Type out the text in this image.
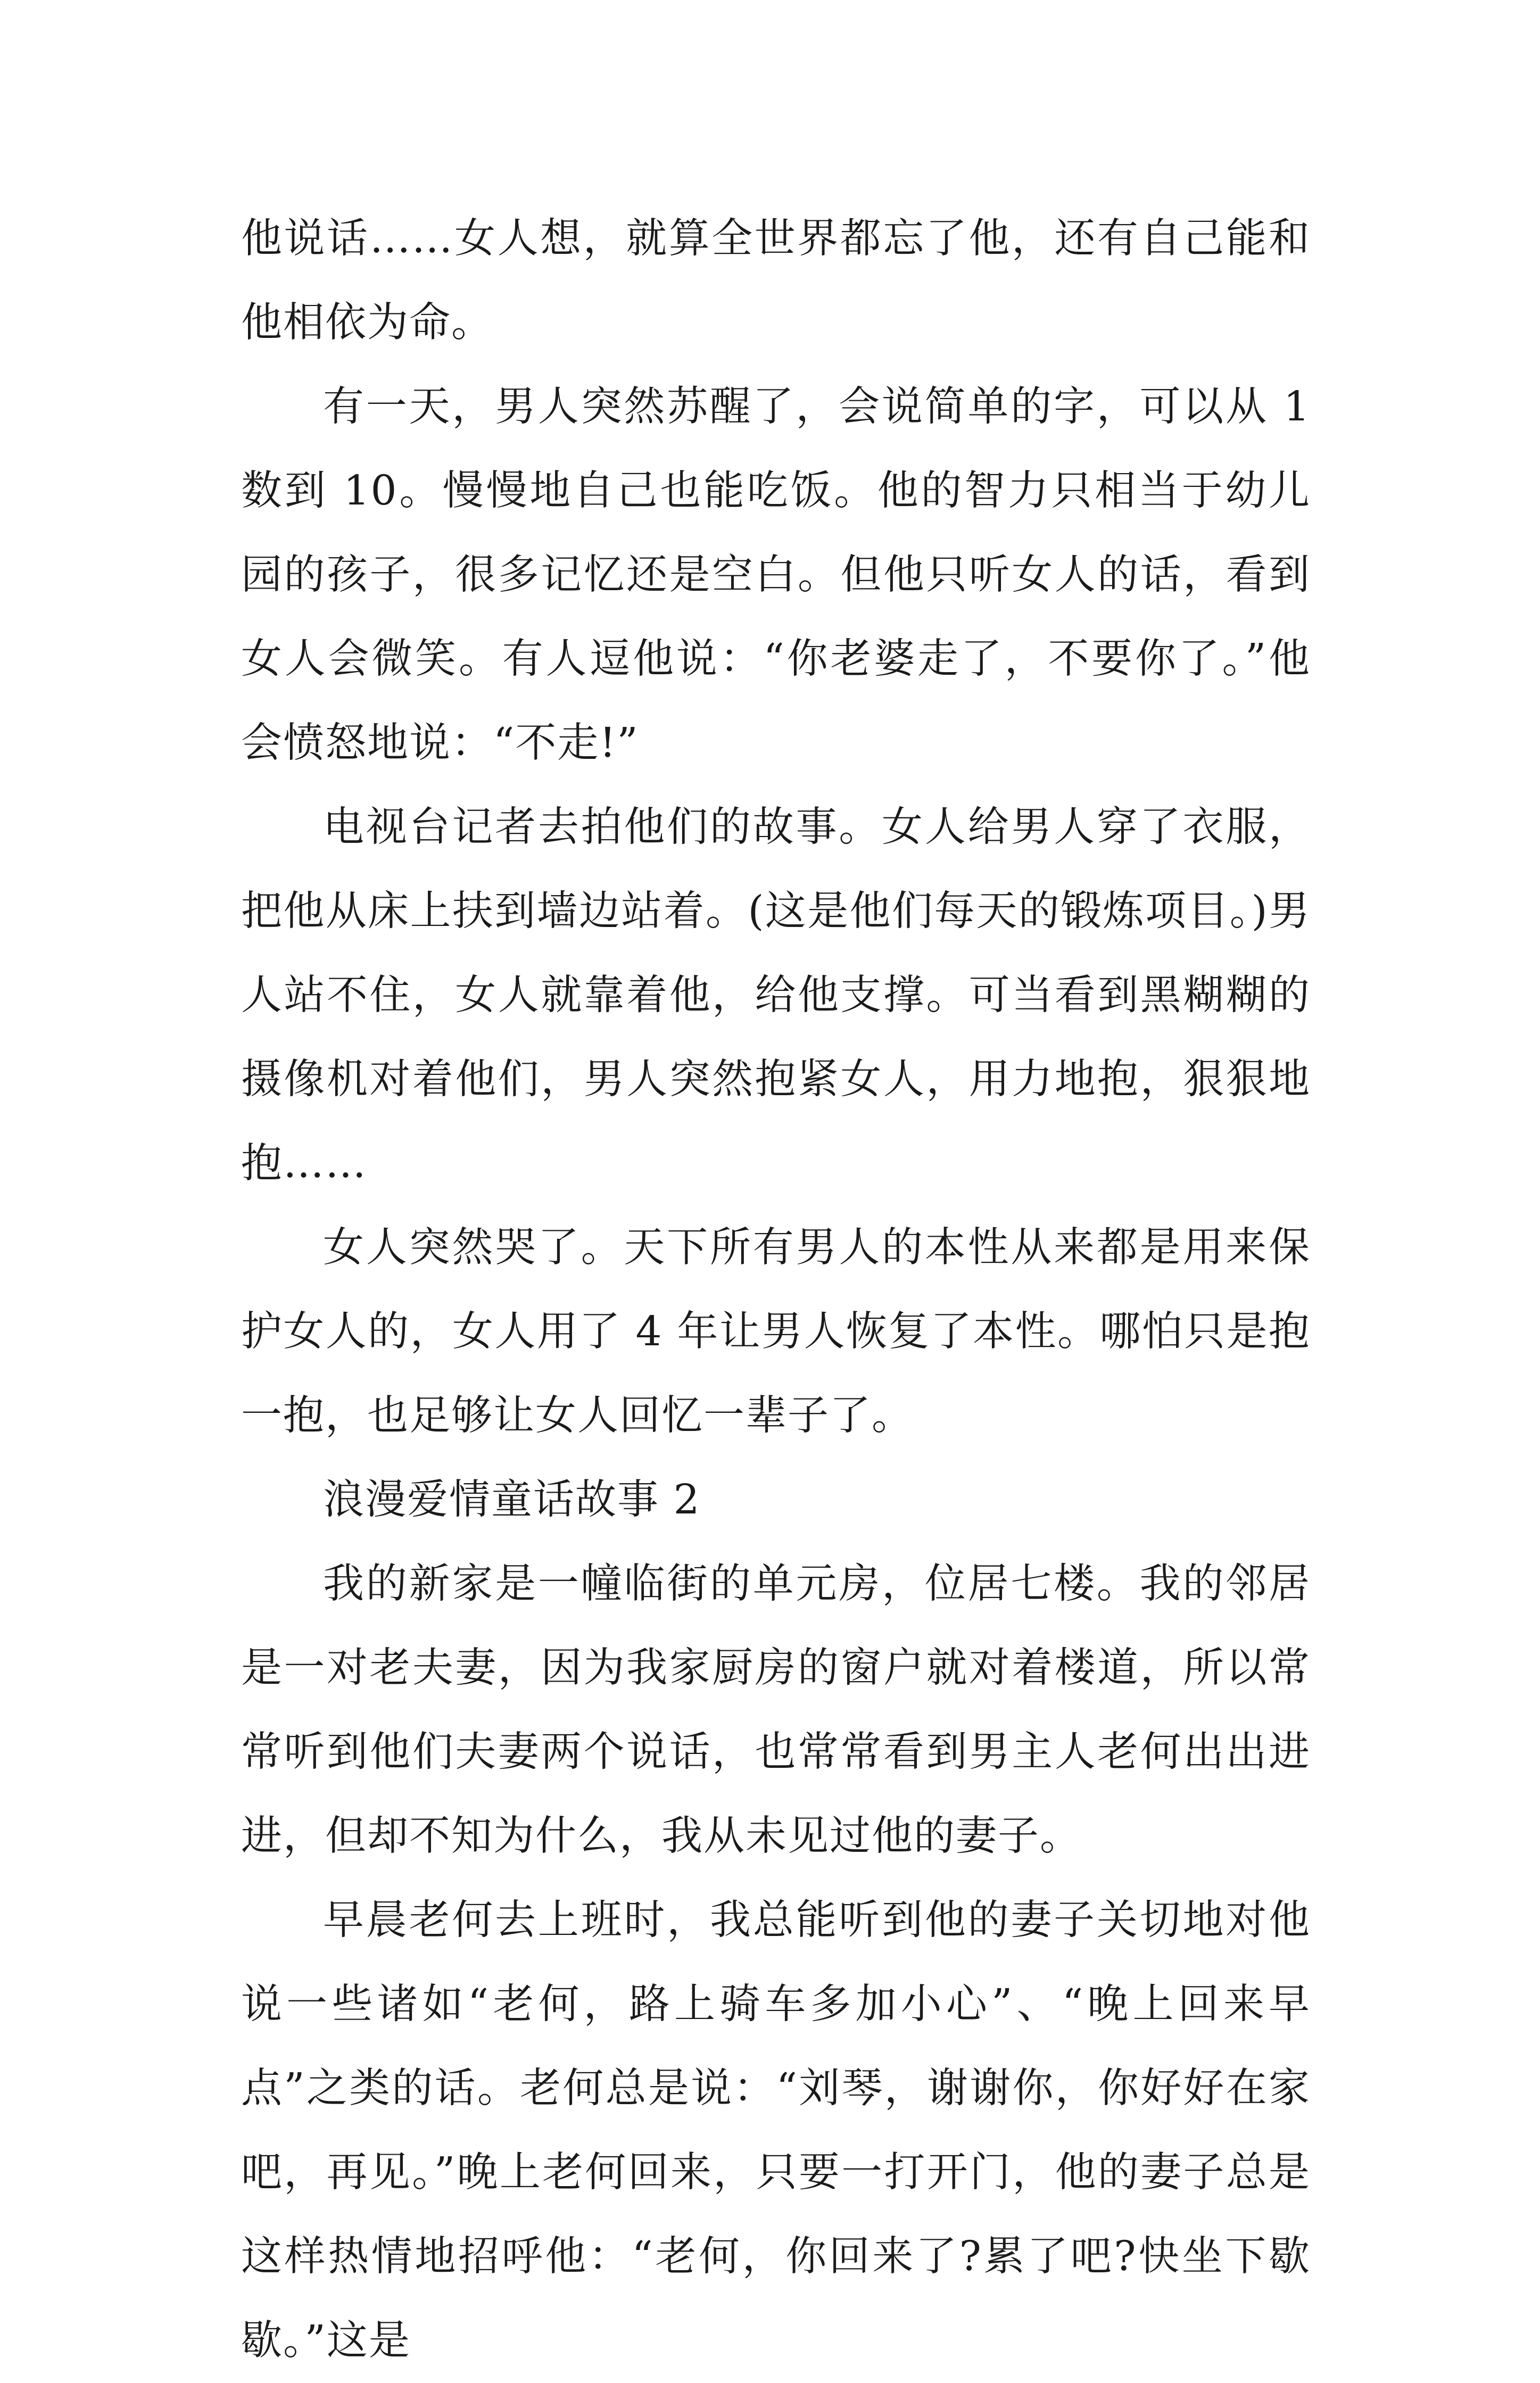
他说话……女人想，就算全世界都忘了他，还有自己能和他相依为命。

有一天，男人突然苏醒了，会说简单的字，可以从 1 数到 10。慢慢地自己也能吃饭。他的智力只相当于幼儿园的孩子，很多记忆还是空白。但他只听女人的话，看到女人会微笑。有人逗他说：“你老婆走了，不要你了。”他会愤怒地说：“不走!”

电视台记者去拍他们的故事。女人给男人穿了衣服，把他从床上扶到墙边站着。(这是他们每天的锻炼项目。)男人站不住，女人就靠着他，给他支撑。可当看到黑糊糊的摄像机对着他们，男人突然抱紧女人，用力地抱，狠狠地抱……

女人突然哭了。天下所有男人的本性从来都是用来保护女人的，女人用了 4 年让男人恢复了本性。哪怕只是抱一抱，也足够让女人回忆一辈子了。

浪漫爱情童话故事 2

我的新家是一幢临街的单元房，位居七楼。我的邻居是一对老夫妻，因为我家厨房的窗户就对着楼道，所以常常听到他们夫妻两个说话，也常常看到男主人老何出出进进，但却不知为什么，我从未见过他的妻子。

早晨老何去上班时，我总能听到他的妻子关切地对他说一些诸如“老何，路上骑车多加小心”、“晚上回来早点”之类的话。老何总是说：“刘琴，谢谢你，你好好在家吧，再见。”晚上老何回来，只要一打开门，他的妻子总是这样热情地招呼他：“老何，你回来了?累了吧?快坐下歇歇。”这是
